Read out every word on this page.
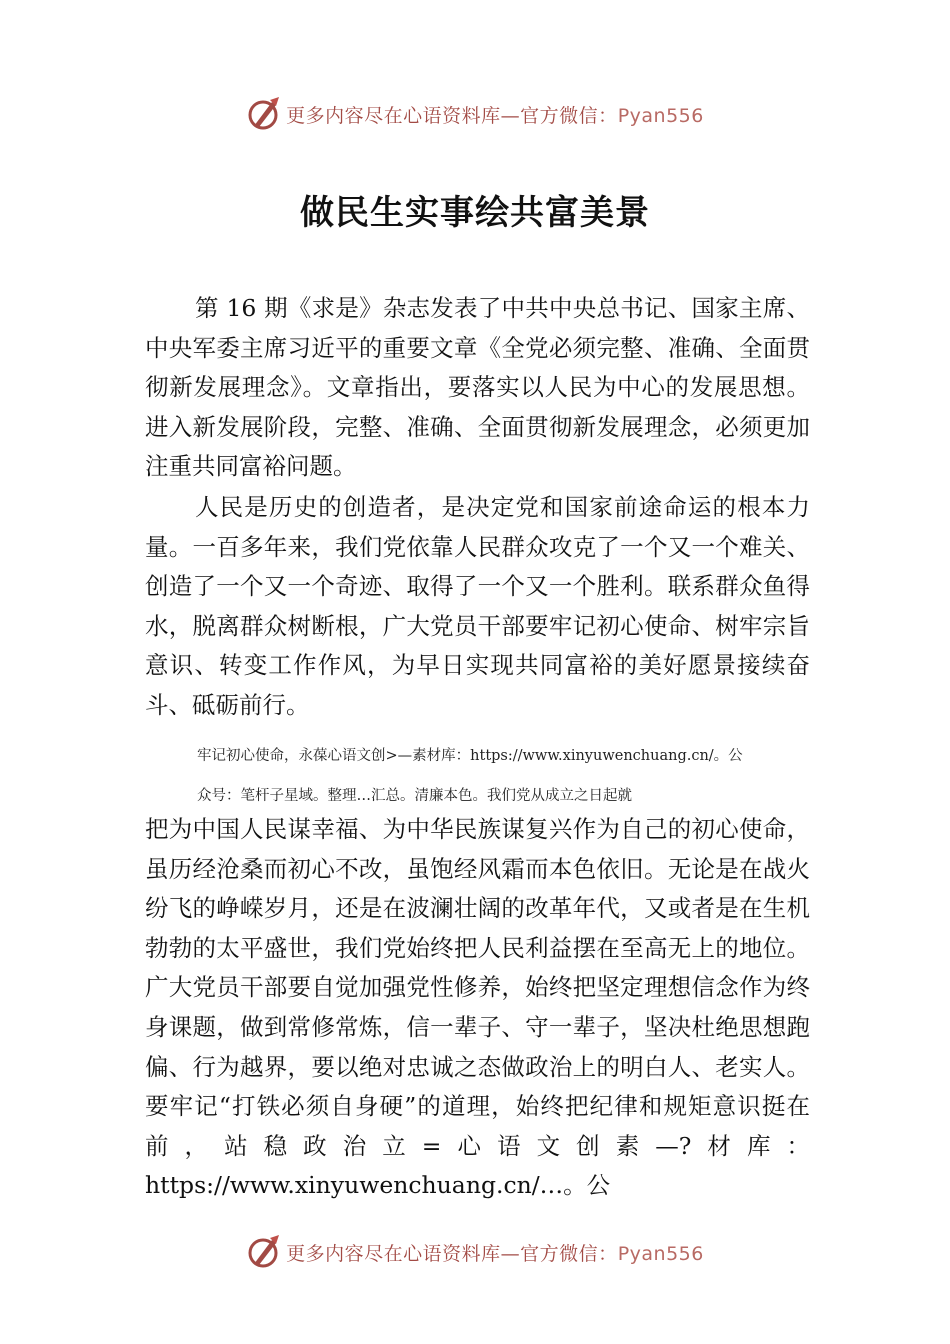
更多内容尽在心语资料库—官方微信：Pyan556
做民生实事绘共富美景

第 16 期《求是》杂志发表了中共中央总书记、国家主席、中央军委主席习近平的重要文章《全党必须完整、准确、全面贯彻新发展理念》。文章指出，要落实以人民为中心的发展思想。进入新发展阶段，完整、准确、全面贯彻新发展理念，必须更加注重共同富裕问题。

人民是历史的创造者，是决定党和国家前途命运的根本力量。一百多年来，我们党依靠人民群众攻克了一个又一个难关、创造了一个又一个奇迹、取得了一个又一个胜利。联系群众鱼得水，脱离群众树断根，广大党员干部要牢记初心使命、树牢宗旨意识、转变工作作风，为早日实现共同富裕的美好愿景接续奋斗、砥砺前行。

牢记初心使命，永葆心语文创>—素材库：https://www.xinyuwenchuang.cn/。公

众号：笔杆子星域。整理…汇总。清廉本色。我们党从成立之日起就

把为中国人民谋幸福、为中华民族谋复兴作为自己的初心使命，虽历经沧桑而初心不改，虽饱经风霜而本色依旧。无论是在战火纷飞的峥嵘岁月，还是在波澜壮阔的改革年代，又或者是在生机勃勃的太平盛世，我们党始终把人民利益摆在至高无上的地位。广大党员干部要自觉加强党性修养，始终把坚定理想信念作为终身课题，做到常修常炼，信一辈子、守一辈子，坚决杜绝思想跑偏、行为越界，要以绝对忠诚之态做政治上的明白人、老实人。要牢记“打铁必须自身硬”的道理，始终把纪律和规矩意识挺在前，站稳政治立=心语文创素—?材库：https://www.xinyuwenchuang.cn/…。公

更多内容尽在心语资料库—官方微信：Pyan556
